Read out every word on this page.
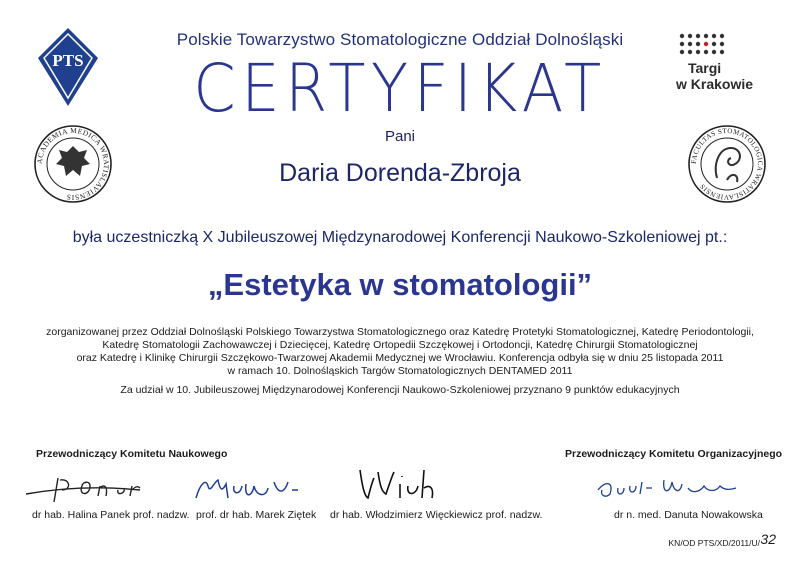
PTS	Targi
w Krakowie
ACADEMIA MEDICA WRATISLAVIENSIS
FACULTAS STOMATOLOGICA WRATISLAVIENSIS
Polskie Towarzystwo Stomatologiczne Oddział Dolnośląski
CERTYFIKAT
Pani
Daria Dorenda-Zbroja
była uczestniczką X Jubileuszowej Międzynarodowej Konferencji Naukowo-Szkoleniowej pt.:
„Estetyka w stomatologii”
zorganizowanej przez Oddział Dolnośląski Polskiego Towarzystwa Stomatologicznego oraz Katedrę Protetyki Stomatologicznej, Katedrę Periodontologii,
Katedrę Stomatologii Zachowawczej i Dziecięcej, Katedrę Ortopedii Szczękowej i Ortodoncji, Katedrę Chirurgii Stomatologicznej
oraz Katedrę i Klinikę Chirurgii Szczękowo-Twarzowej Akademii Medycznej we Wrocławiu. Konferencja odbyła się w dniu 25 listopada 2011
w ramach 10. Dolnośląskich Targów Stomatologicznych DENTAMED 2011
Za udział w 10. Jubileuszowej Międzynarodowej Konferencji Naukowo-Szkoleniowej przyznano 9 punktów edukacyjnych
Przewodniczący Komitetu Naukowego	Przewodniczący Komitetu Organizacyjnego
dr hab. Halina Panek prof. nadzw. prof. dr hab. Marek Ziętek dr hab. Włodzimierz Więckiewicz prof. nadzw.	dr n. med. Danuta Nowakowska
KN/OD PTS/XD/2011/U/ 32
